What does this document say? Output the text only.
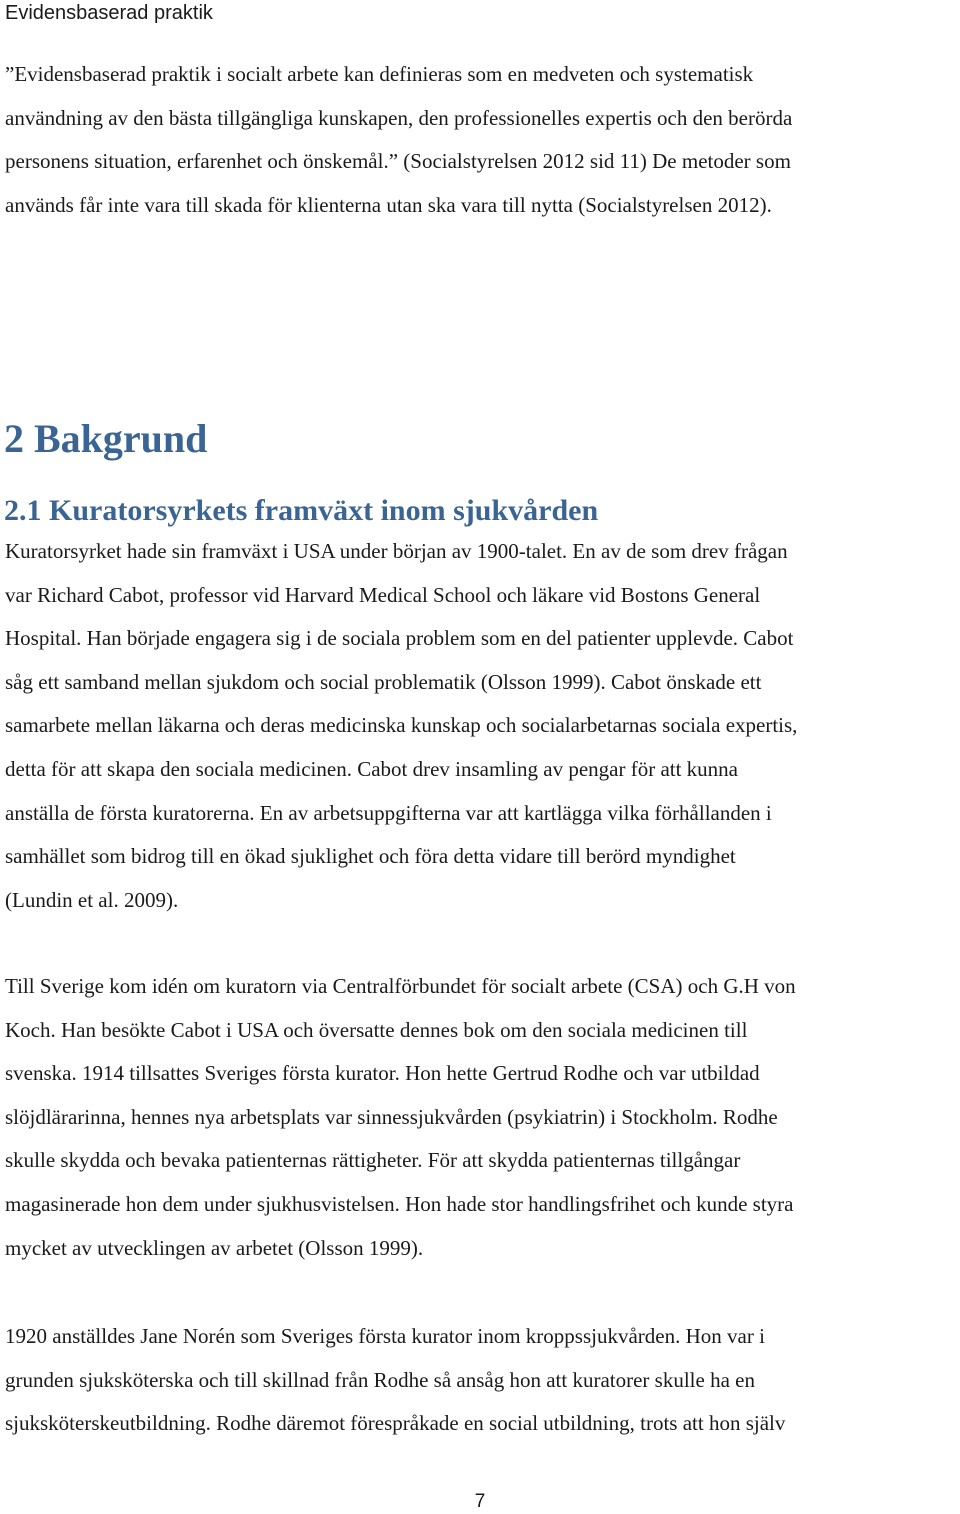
Evidensbaserad praktik

”Evidensbaserad praktik i socialt arbete kan definieras som en medveten och systematisk
användning av den bästa tillgängliga kunskapen, den professionelles expertis och den berörda
personens situation, erfarenhet och önskemål.” (Socialstyrelsen 2012 sid 11) De metoder som
används får inte vara till skada för klienterna utan ska vara till nytta (Socialstyrelsen 2012).

2 Bakgrund
2.1 Kuratorsyrkets framväxt inom sjukvården

Kuratorsyrket hade sin framväxt i USA under början av 1900-talet. En av de som drev frågan
var Richard Cabot, professor vid Harvard Medical School och läkare vid Bostons General
Hospital. Han började engagera sig i de sociala problem som en del patienter upplevde. Cabot
såg ett samband mellan sjukdom och social problematik (Olsson 1999). Cabot önskade ett
samarbete mellan läkarna och deras medicinska kunskap och socialarbetarnas sociala expertis,
detta för att skapa den sociala medicinen. Cabot drev insamling av pengar för att kunna
anställa de första kuratorerna. En av arbetsuppgifterna var att kartlägga vilka förhållanden i
samhället som bidrog till en ökad sjuklighet och föra detta vidare till berörd myndighet
(Lundin et al. 2009).

Till Sverige kom idén om kuratorn via Centralförbundet för socialt arbete (CSA) och G.H von
Koch. Han besökte Cabot i USA och översatte dennes bok om den sociala medicinen till
svenska. 1914 tillsattes Sveriges första kurator. Hon hette Gertrud Rodhe och var utbildad
slöjdlärarinna, hennes nya arbetsplats var sinnessjukvården (psykiatrin) i Stockholm. Rodhe
skulle skydda och bevaka patienternas rättigheter. För att skydda patienternas tillgångar
magasinerade hon dem under sjukhusvistelsen. Hon hade stor handlingsfrihet och kunde styra
mycket av utvecklingen av arbetet (Olsson 1999).

1920 anställdes Jane Norén som Sveriges första kurator inom kroppssjukvården. Hon var i
grunden sjuksköterska och till skillnad från Rodhe så ansåg hon att kuratorer skulle ha en
sjuksköterskeutbildning. Rodhe däremot förespråkade en social utbildning, trots att hon själv

7
